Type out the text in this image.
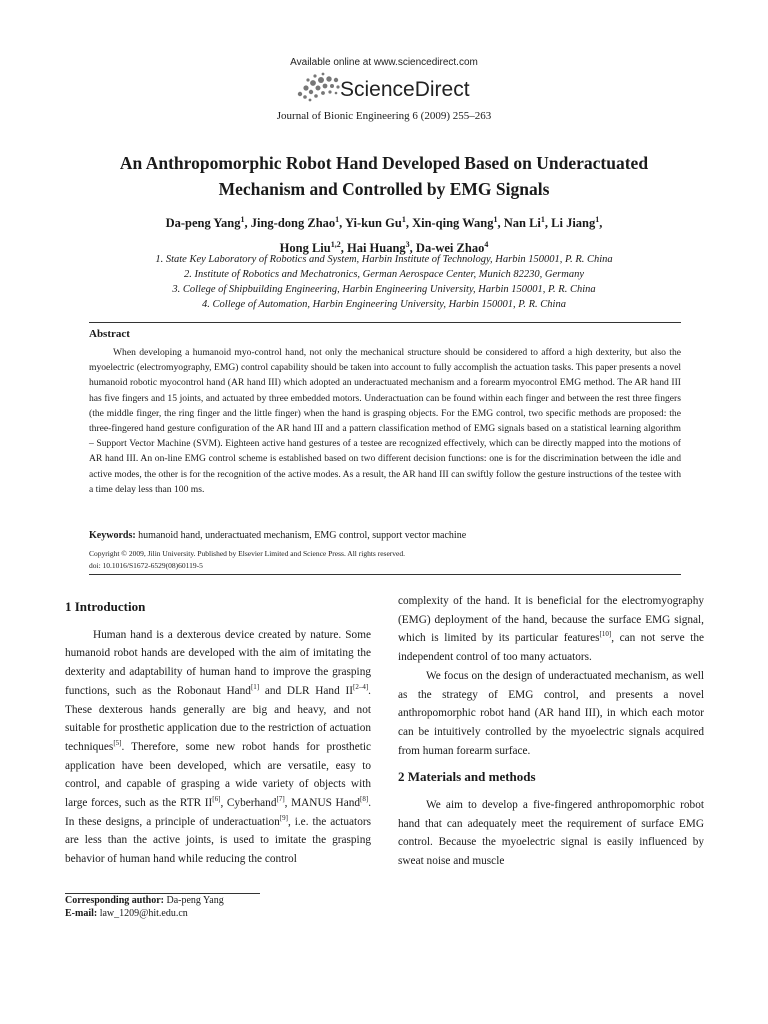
Available online at www.sciencedirect.com
ScienceDirect
Journal of Bionic Engineering 6 (2009) 255–263
An Anthropomorphic Robot Hand Developed Based on Underactuated
Mechanism and Controlled by EMG Signals
Da-peng Yang$^1$, Jing-dong Zhao$^1$, Yi-kun Gu$^1$, Xin-qing Wang$^1$, Nan Li$^1$, Li Jiang$^1$,
Hong Liu$^{1,2}$, Hai Huang$^3$, Da-wei Zhao$^4$
1. State Key Laboratory of Robotics and System, Harbin Institute of Technology, Harbin 150001, P. R. China
2. Institute of Robotics and Mechatronics, German Aerospace Center, Munich 82230, Germany
3. College of Shipbuilding Engineering, Harbin Engineering University, Harbin 150001, P. R. China
4. College of Automation, Harbin Engineering University, Harbin 150001, P. R. China
Abstract
When developing a humanoid myo-control hand, not only the mechanical structure should be considered to afford a high dexterity, but also the myoelectric (electromyography, EMG) control capability should be taken into account to fully accomplish the actuation tasks. This paper presents a novel humanoid robotic myocontrol hand (AR hand III) which adopted an underactuated mechanism and a forearm myocontrol EMG method. The AR hand III has five fingers and 15 joints, and actuated by three embedded motors. Underactuation can be found within each finger and between the rest three fingers (the middle finger, the ring finger and the little finger) when the hand is grasping objects. For the EMG control, two specific methods are proposed: the three-fingered hand gesture configuration of the AR hand III and a pattern classification method of EMG signals based on a statistical learning algorithm – Support Vector Machine (SVM). Eighteen active hand gestures of a testee are recognized effectively, which can be directly mapped into the motions of AR hand III. An on-line EMG control scheme is established based on two different decision functions: one is for the discrimination between the idle and active modes, the other is for the recognition of the active modes. As a result, the AR hand III can swiftly follow the gesture instructions of the testee with a time delay less than 100 ms.
Keywords: humanoid hand, underactuated mechanism, EMG control, support vector machine
Copyright © 2009, Jilin University. Published by Elsevier Limited and Science Press. All rights reserved.
doi: 10.1016/S1672-6529(08)60119-5
1 Introduction

Human hand is a dexterous device created by nature. Some humanoid robot hands are developed with the aim of imitating the dexterity and adaptability of human hand to improve the grasping functions, such as the Robonaut Hand[1] and DLR Hand II[2–4]. These dexterous hands generally are big and heavy, and not suitable for prosthetic application due to the restriction of actuation techniques[5]. Therefore, some new robot hands for prosthetic application have been developed, which are versatile, easy to control, and capable of grasping a wide variety of objects with large forces, such as the RTR II[6], Cyberhand[7], MANUS Hand[8]. In these designs, a principle of underactuation[9], i.e. the actuators are less than the active joints, is used to imitate the grasping behavior of human hand while reducing the control

complexity of the hand. It is beneficial for the electromyography (EMG) deployment of the hand, because the surface EMG signal, which is limited by its particular features[10], can not serve the independent control of too many actuators.

We focus on the design of underactuated mechanism, as well as the strategy of EMG control, and presents a novel anthropomorphic robot hand (AR hand III), in which each motor can be intuitively controlled by the myoelectric signals acquired from human forearm surface.

2 Materials and methods

We aim to develop a five-fingered anthropomorphic robot hand that can adequately meet the requirement of surface EMG control. Because the myoelectric signal is easily influenced by sweat noise and muscle

Corresponding author: Da-peng Yang
E-mail: law_1209@hit.edu.cn
